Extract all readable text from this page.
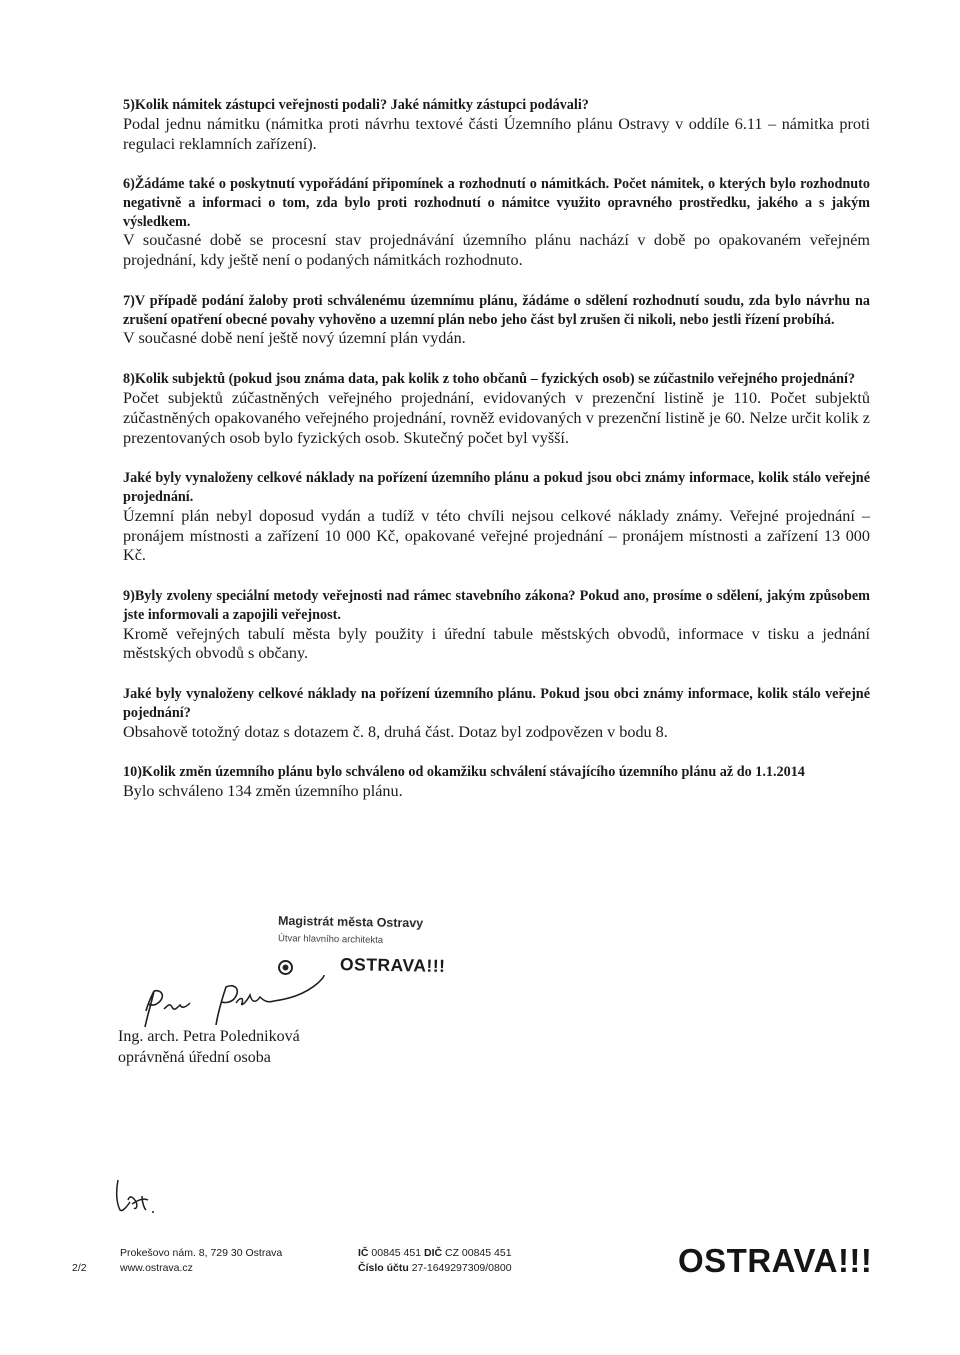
5)Kolik námitek zástupci veřejnosti podali? Jaké námitky zástupci podávali?

Podal jednu námitku (námitka proti návrhu textové části Územního plánu Ostravy v oddíle 6.11 – námitka proti regulaci reklamních zařízení).

6)Žádáme také o poskytnutí vypořádání připomínek a rozhodnutí o námitkách. Počet námitek, o kterých bylo rozhodnuto negativně a informaci o tom, zda bylo proti rozhodnutí o námitce využito opravného prostředku, jakého a s jakým výsledkem.

V současné době se procesní stav projednávání územního plánu nachází v době po opakovaném veřejném projednání, kdy ještě není o podaných námitkách rozhodnuto.

7)V případě podání žaloby proti schválenému územnímu plánu, žádáme o sdělení rozhodnutí soudu, zda bylo návrhu na zrušení opatření obecné povahy vyhověno a uzemní plán nebo jeho část byl zrušen či nikoli, nebo jestli řízení probíhá.

V současné době není ještě nový územní plán vydán.

8)Kolik subjektů (pokud jsou známa data, pak kolik z toho občanů – fyzických osob) se zúčastnilo veřejného projednání?

Počet subjektů zúčastněných veřejného projednání, evidovaných v prezenční listině je 110. Počet subjektů zúčastněných opakovaného veřejného projednání, rovněž evidovaných v prezenční listině je 60. Nelze určit kolik z prezentovaných osob bylo fyzických osob. Skutečný počet byl vyšší.

Jaké byly vynaloženy celkové náklady na pořízení územního plánu a pokud jsou obci známy informace, kolik stálo veřejné projednání.

Územní plán nebyl doposud vydán a tudíž v této chvíli nejsou celkové náklady známy. Veřejné projednání – pronájem místnosti a zařízení 10 000 Kč, opakované veřejné projednání – pronájem místnosti a zařízení 13 000 Kč.

9)Byly zvoleny speciální metody veřejnosti nad rámec stavebního zákona? Pokud ano, prosíme o sdělení, jakým způsobem jste informovali a zapojili veřejnost.

Kromě veřejných tabulí města byly použity i úřední tabule městských obvodů, informace v tisku a jednání městských obvodů s občany.

Jaké byly vynaloženy celkové náklady na pořízení územního plánu. Pokud jsou obci známy informace, kolik stálo veřejné pojednání?

Obsahově totožný dotaz s dotazem č. 8, druhá část. Dotaz byl zodpovězen v bodu 8.

10)Kolik změn územního plánu bylo schváleno od okamžiku schválení stávajícího územního plánu až do 1.1.2014

Bylo schváleno 134 změn územního plánu.

Magistrát města Ostravy
Útvar hlavního architekta
OSTRAVA!!!
Ing. arch. Petra Poledniková
oprávněná úřední osoba
2/2
Prokešovo nám. 8, 729 30 Ostrava
www.ostrava.cz
IČ 00845 451 DIČ CZ 00845 451
Číslo účtu 27-1649297309/0800	OSTRAVA!!!
